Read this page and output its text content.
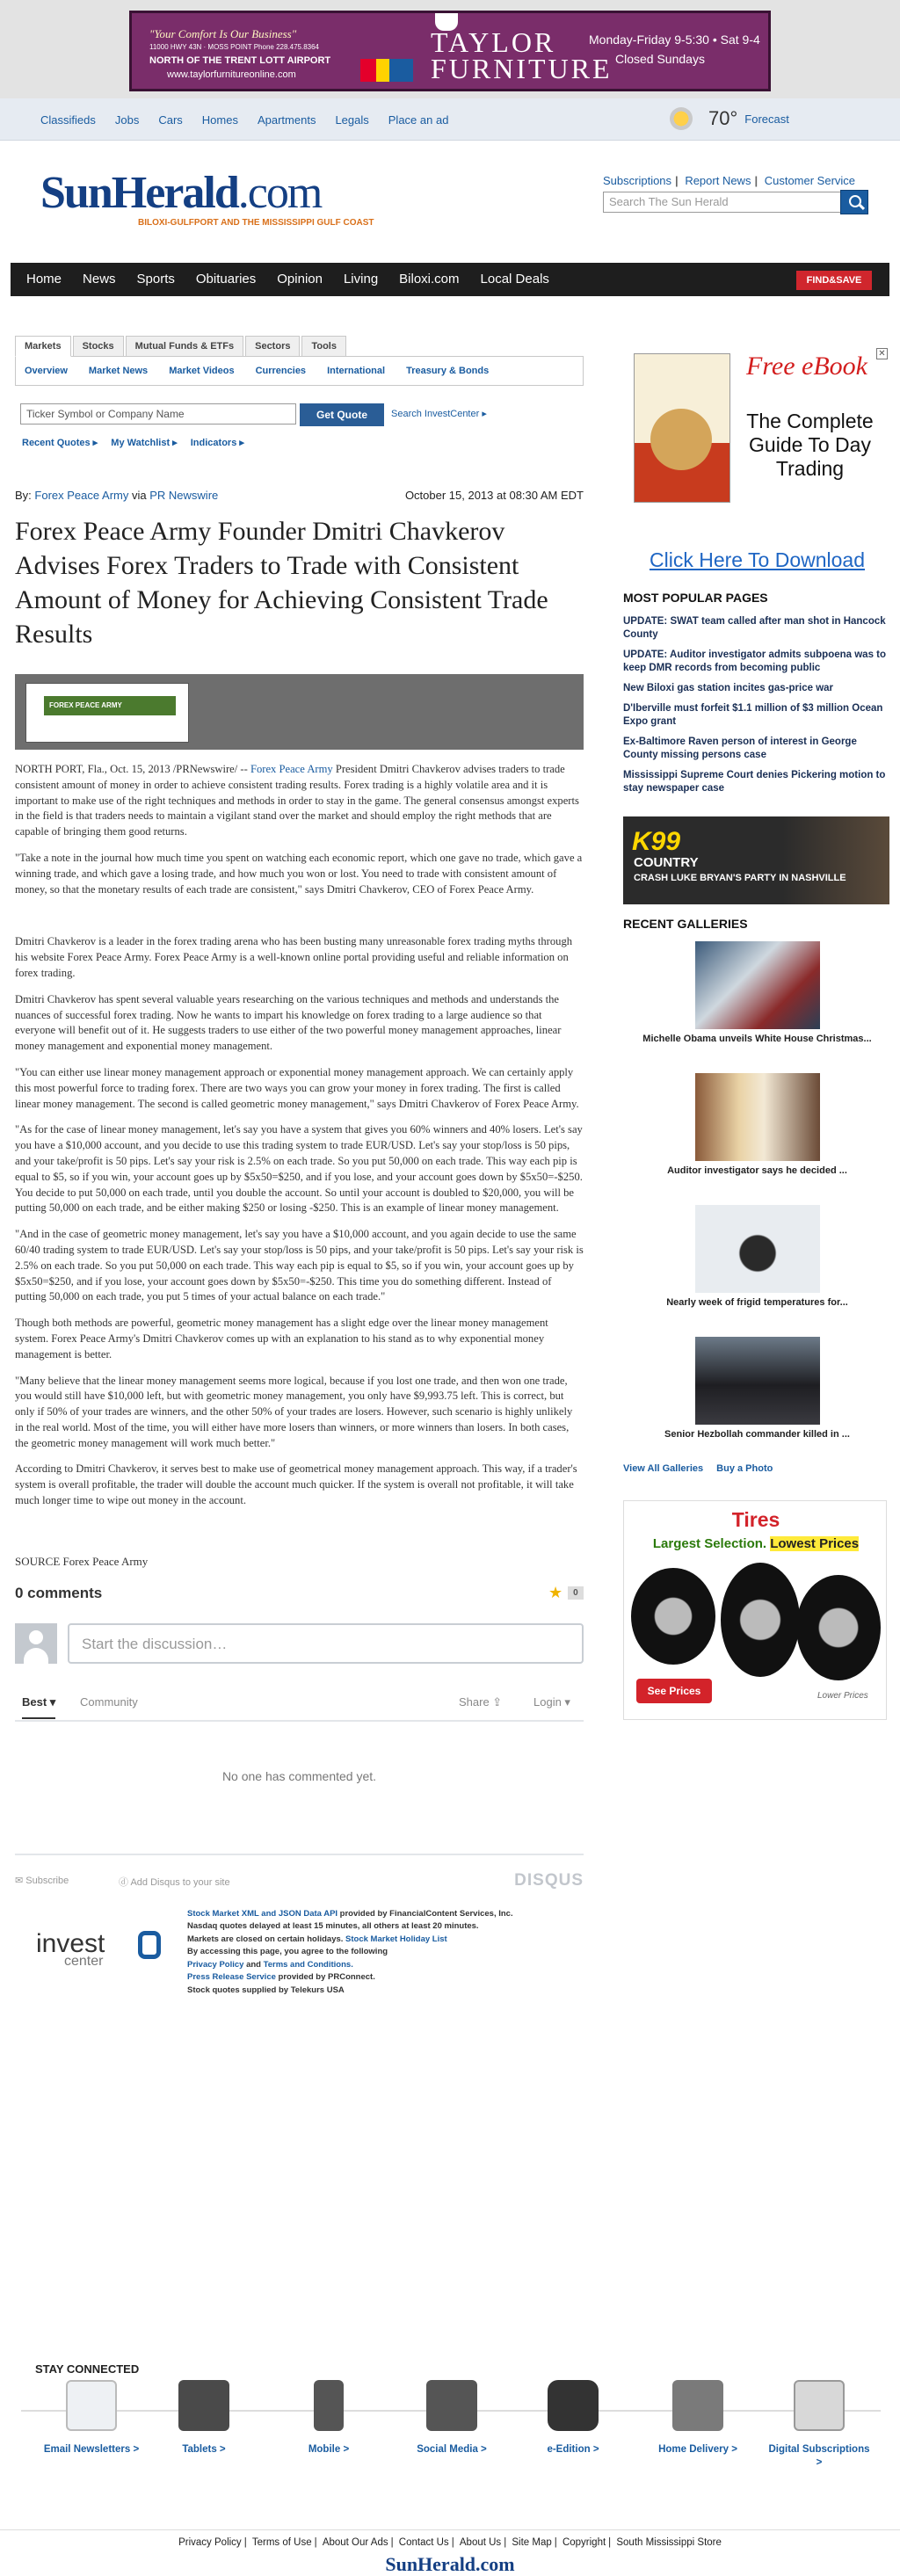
"Your Comfort Is Our Business"
11000 HWY 43N · MOSS POINT Phone 228.475.8364
NORTH OF THE TRENT LOTT AIRPORT
www.taylorfurnitureonline.com
TAYLOR
FURNITURE
Monday-Friday 9-5:30 • Sat 9-4
Closed Sundays
Classifieds Jobs Cars Homes Apartments Legals Place an ad	70° Forecast
SunHerald.com
BILOXI-GULFPORT AND THE MISSISSIPPI GULF COAST
Subscriptions | Report News | Customer Service
Search The Sun Herald
Home News Sports Obituaries Opinion Living Biloxi.com Local Deals	FIND&SAVE
Markets	Stocks	Mutual Funds & ETFs	Sectors	Tools
Overview Market News Market Videos Currencies International Treasury & Bonds
Ticker Symbol or Company Name	Get Quote	Search InvestCenter ▸
Recent Quotes ▸ My Watchlist ▸ Indicators ▸
By: Forex Peace Army via PR Newswire	October 15, 2013 at 08:30 AM EDT
Forex Peace Army Founder Dmitri Chavkerov Advises Forex Traders to Trade with Consistent Amount of Money for Achieving Consistent Trade Results
FOREX PEACE ARMY

NORTH PORT, Fla., Oct. 15, 2013 /PRNewswire/ -- Forex Peace Army President Dmitri Chavkerov advises traders to trade consistent amount of money in order to achieve consistent trading results. Forex trading is a highly volatile area and it is important to make use of the right techniques and methods in order to stay in the game. The general consensus amongst experts in the field is that traders needs to maintain a vigilant stand over the market and should employ the right methods that are capable of bringing them good returns.

"Take a note in the journal how much time you spent on watching each economic report, which one gave no trade, which gave a winning trade, and which gave a losing trade, and how much you won or lost. You need to trade with consistent amount of money, so that the monetary results of each trade are consistent," says Dmitri Chavkerov, CEO of Forex Peace Army.

Dmitri Chavkerov is a leader in the forex trading arena who has been busting many unreasonable forex trading myths through his website Forex Peace Army. Forex Peace Army is a well-known online portal providing useful and reliable information on forex trading.

Dmitri Chavkerov has spent several valuable years researching on the various techniques and methods and understands the nuances of successful forex trading. Now he wants to impart his knowledge on forex trading to a large audience so that everyone will benefit out of it. He suggests traders to use either of the two powerful money management approaches, linear money management and exponential money management.

"You can either use linear money management approach or exponential money management approach. We can certainly apply this most powerful force to trading forex. There are two ways you can grow your money in forex trading. The first is called linear money management. The second is called geometric money management," says Dmitri Chavkerov of Forex Peace Army.

"As for the case of linear money management, let's say you have a system that gives you 60% winners and 40% losers. Let's say you have a $10,000 account, and you decide to use this trading system to trade EUR/USD. Let's say your stop/loss is 50 pips, and your take/profit is 50 pips. Let's say your risk is 2.5% on each trade. So you put 50,000 on each trade. This way each pip is equal to $5, so if you win, your account goes up by $5x50=$250, and if you lose, and your account goes down by $5x50=-$250. You decide to put 50,000 on each trade, until you double the account. So until your account is doubled to $20,000, you will be putting 50,000 on each trade, and be either making $250 or losing -$250. This is an example of linear money management.

"And in the case of geometric money management, let's say you have a $10,000 account, and you again decide to use the same 60/40 trading system to trade EUR/USD. Let's say your stop/loss is 50 pips, and your take/profit is 50 pips. Let's say your risk is 2.5% on each trade. So you put 50,000 on each trade. This way each pip is equal to $5, so if you win, your account goes up by $5x50=$250, and if you lose, your account goes down by $5x50=-$250. This time you do something different. Instead of putting 50,000 on each trade, you put 5 times of your actual balance on each trade."

Though both methods are powerful, geometric money management has a slight edge over the linear money management system. Forex Peace Army's Dmitri Chavkerov comes up with an explanation to his stand as to why exponential money management is better.

"Many believe that the linear money management seems more logical, because if you lost one trade, and then won one trade, you would still have $10,000 left, but with geometric money management, you only have $9,993.75 left. This is correct, but only if 50% of your trades are winners, and the other 50% of your trades are losers. However, such scenario is highly unlikely in the real world. Most of the time, you will either have more losers than winners, or more winners than losers. In both cases, the geometric money management will work much better."

According to Dmitri Chavkerov, it serves best to make use of geometrical money management approach. This way, if a trader's system is overall profitable, the trader will double the account much quicker. If the system is overall not profitable, it will take much longer time to wipe out money in the account.

SOURCE Forex Peace Army
0 comments	★	0
Start the discussion…
Best ▾ Community	Share ⇪	Login ▾
No one has commented yet.
✉ Subscribe	ⓓ Add Disqus to your site	DISQUS
invest
center
Stock Market XML and JSON Data API provided by FinancialContent Services, Inc.
Nasdaq quotes delayed at least 15 minutes, all others at least 20 minutes.
Markets are closed on certain holidays. Stock Market Holiday List
By accessing this page, you agree to the following
Privacy Policy and Terms and Conditions.
Press Release Service provided by PRConnect.
Stock quotes supplied by Telekurs USA
✕
Free eBook
The Complete Guide To Day Trading
Click Here To Download
MOST POPULAR PAGES
UPDATE: SWAT team called after man shot in Hancock County
UPDATE: Auditor investigator admits subpoena was to keep DMR records from becoming public
New Biloxi gas station incites gas-price war
D'Iberville must forfeit $1.1 million of $3 million Ocean Expo grant
Ex-Baltimore Raven person of interest in George County missing persons case
Mississippi Supreme Court denies Pickering motion to stay newspaper case
K99
COUNTRY
CRASH LUKE BRYAN'S PARTY IN NASHVILLE
RECENT GALLERIES
Michelle Obama unveils White House Christmas...
Auditor investigator says he decided ...
Nearly week of frigid temperatures for...
Senior Hezbollah commander killed in ...
View All Galleries Buy a Photo
Tires
Largest Selection. Lowest Prices
See Prices	Lower Prices
STAY CONNECTED
Email Newsletters >	Tablets >	Mobile >	Social Media >	e-Edition >	Home Delivery >	Digital Subscriptions >
Privacy Policy | Terms of Use | About Our Ads | Contact Us | About Us | Site Map | Copyright | South Mississippi Store
SunHerald.com
